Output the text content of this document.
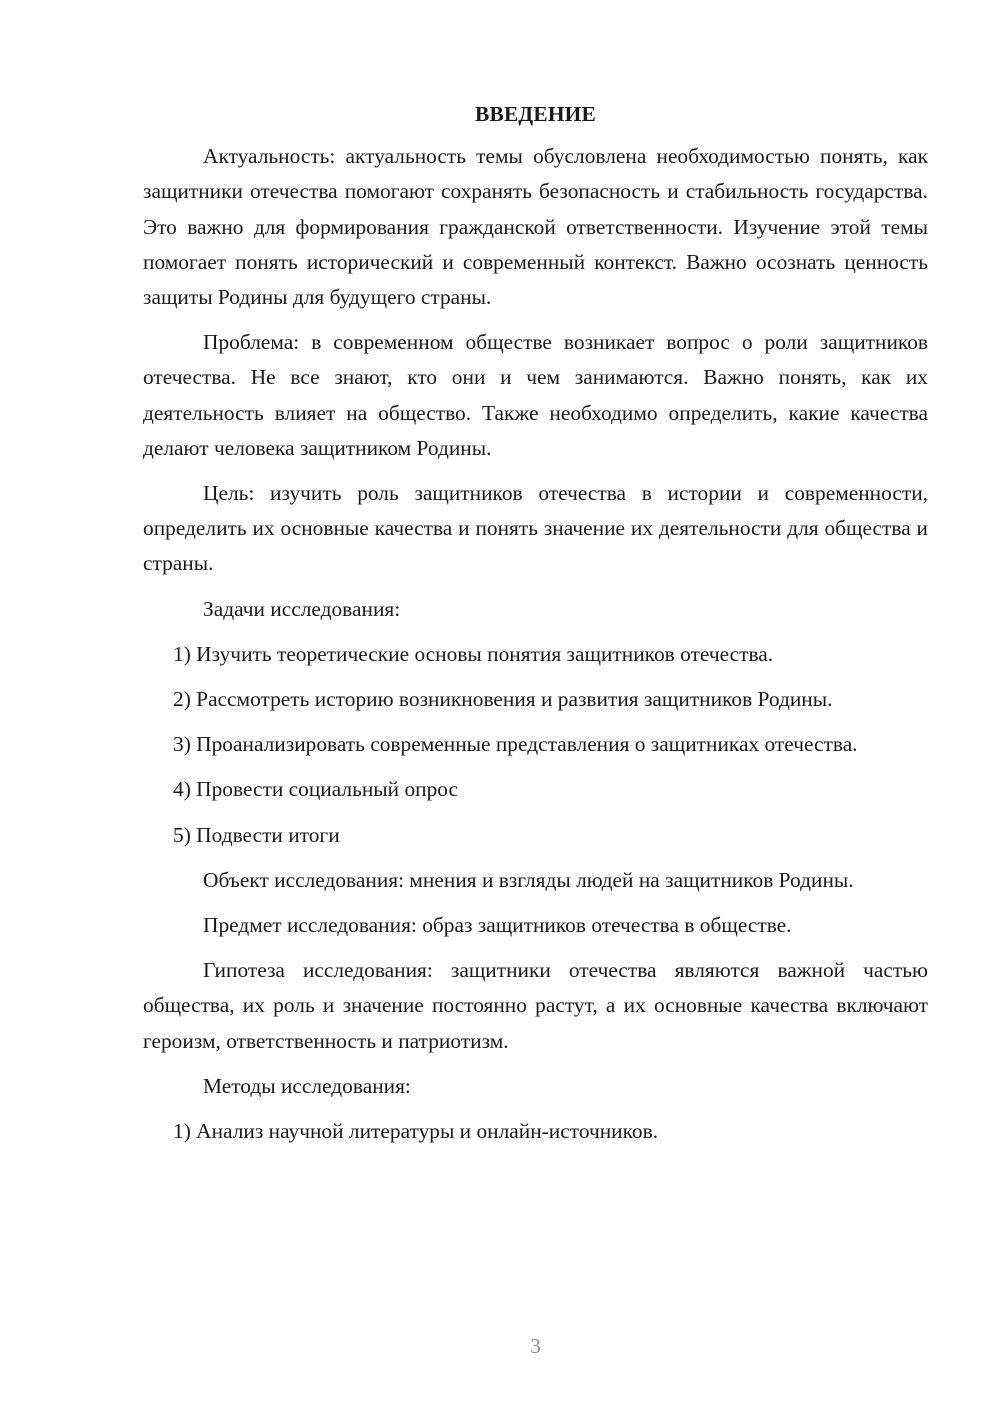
ВВЕДЕНИЕ

Актуальность: актуальность темы обусловлена необходимостью понять, как защитники отечества помогают сохранять безопасность и стабильность государства. Это важно для формирования гражданской ответственности. Изучение этой темы помогает понять исторический и современный контекст. Важно осознать ценность защиты Родины для будущего страны.

Проблема: в современном обществе возникает вопрос о роли защитников отечества. Не все знают, кто они и чем занимаются. Важно понять, как их деятельность влияет на общество. Также необходимо определить, какие качества делают человека защитником Родины.

Цель: изучить роль защитников отечества в истории и современности, определить их основные качества и понять значение их деятельности для общества и страны.

Задачи исследования:

1) Изучить теоретические основы понятия защитников отечества.

2) Рассмотреть историю возникновения и развития защитников Родины.

3) Проанализировать современные представления о защитниках отечества.

4) Провести социальный опрос

5) Подвести итоги

Объект исследования: мнения и взгляды людей на защитников Родины.

Предмет исследования: образ защитников отечества в обществе.

Гипотеза исследования: защитники отечества являются важной частью общества, их роль и значение постоянно растут, а их основные качества включают героизм, ответственность и патриотизм.

Методы исследования:

1) Анализ научной литературы и онлайн-источников.

3
